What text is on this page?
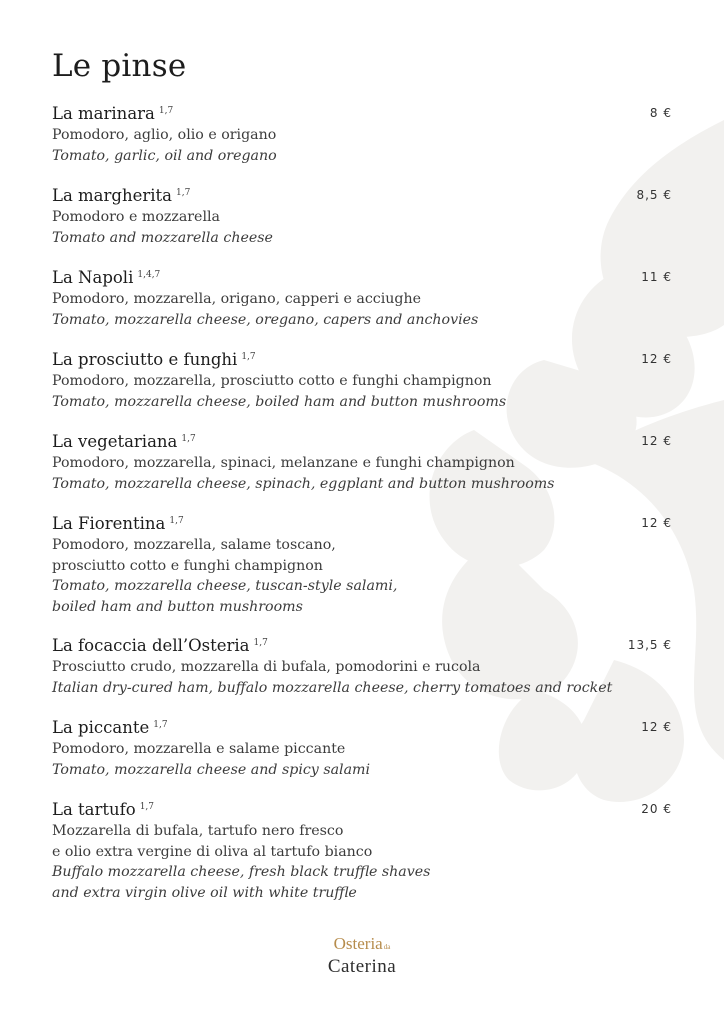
Le pinse
La marinara $^{1,7}$	8 €
Pomodoro, aglio, olio e origano
Tomato, garlic, oil and oregano
La margherita $^{1,7}$	8,5 €
Pomodoro e mozzarella
Tomato and mozzarella cheese
La Napoli $^{1,4,7}$	11 €
Pomodoro, mozzarella, origano, capperi e acciughe
Tomato, mozzarella cheese, oregano, capers and anchovies
La prosciutto e funghi $^{1,7}$	12 €
Pomodoro, mozzarella, prosciutto cotto e funghi champignon
Tomato, mozzarella cheese, boiled ham and button mushrooms
La vegetariana $^{1,7}$	12 €
Pomodoro, mozzarella, spinaci, melanzane e funghi champignon
Tomato, mozzarella cheese, spinach, eggplant and button mushrooms
La Fiorentina $^{1,7}$	12 €
Pomodoro, mozzarella, salame toscano,
prosciutto cotto e funghi champignon
Tomato, mozzarella cheese, tuscan-style salami,
boiled ham and button mushrooms
La focaccia dell’Osteria $^{1,7}$	13,5 €
Prosciutto crudo, mozzarella di bufala, pomodorini e rucola
Italian dry-cured ham, buffalo mozzarella cheese, cherry tomatoes and rocket
La piccante $^{1,7}$	12 €
Pomodoro, mozzarella e salame piccante
Tomato, mozzarella cheese and spicy salami
La tartufo $^{1,7}$	20 €
Mozzarella di bufala, tartufo nero fresco
e olio extra vergine di oliva al tartufo bianco
Buffalo mozzarella cheese, fresh black truffle shaves
and extra virgin olive oil with white truffle
Osteriada
Caterina
